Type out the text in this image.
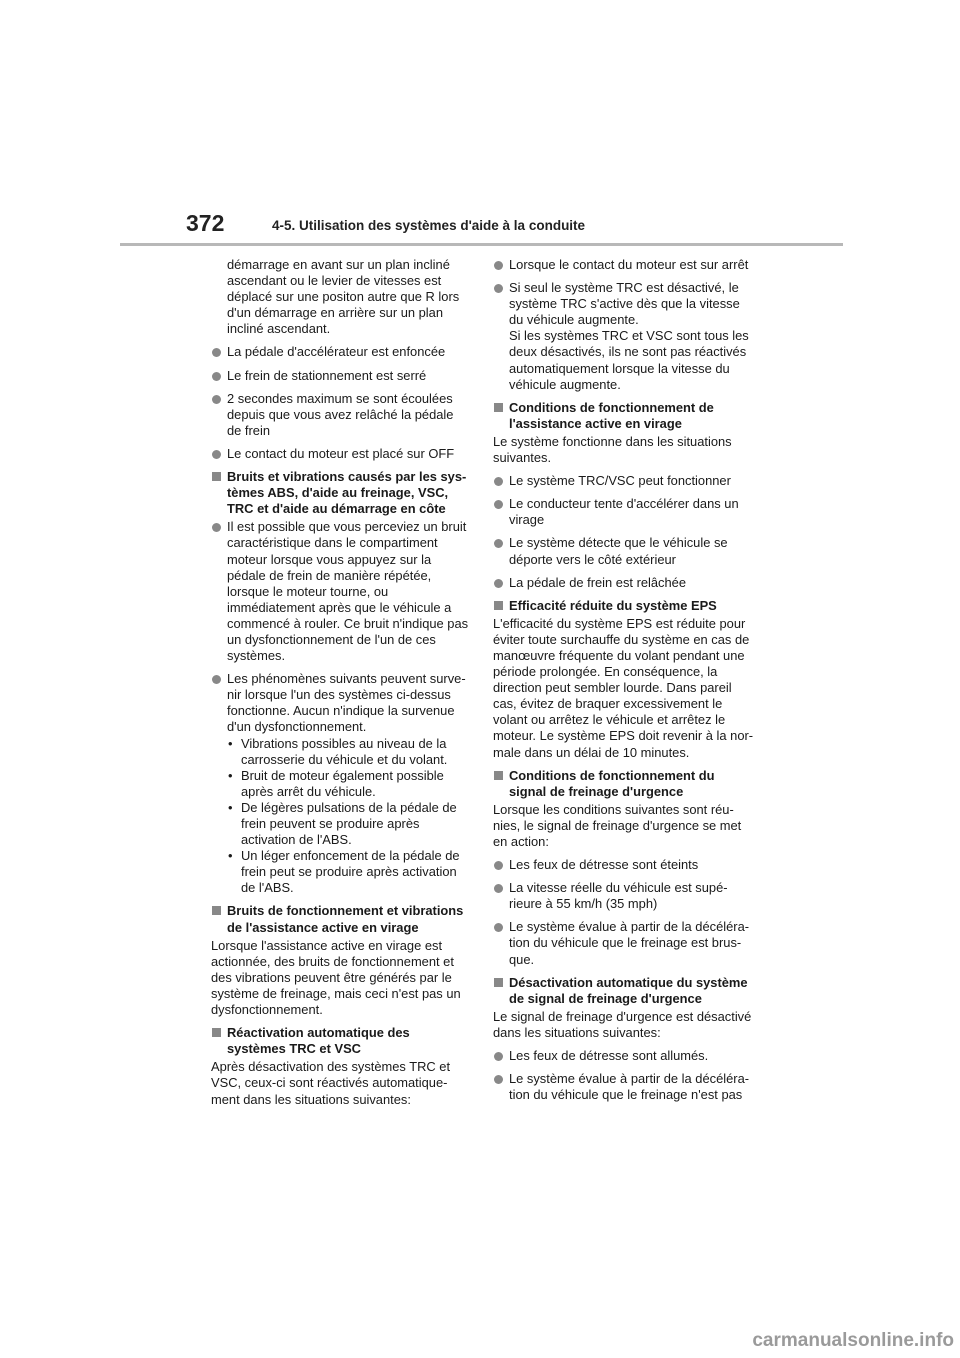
372	4-5. Utilisation des systèmes d'aide à la conduite
démarrage en avant sur un plan incliné ascendant ou le levier de vitesses est déplacé sur une positon autre que R lors d'un démarrage en arrière sur un plan incliné ascendant.
La pédale d'accélérateur est enfoncée
Le frein de stationnement est serré
2 secondes maximum se sont écoulées depuis que vous avez relâché la pédale de frein
Le contact du moteur est placé sur OFF
Bruits et vibrations causés par les systèmes ABS, d'aide au freinage, VSC, TRC et d'aide au démarrage en côte
Il est possible que vous perceviez un bruit caractéristique dans le compartiment moteur lorsque vous appuyez sur la pédale de frein de manière répétée, lorsque le moteur tourne, ou immédiatement après que le véhicule a commencé à rouler. Ce bruit n'indique pas un dysfonctionnement de l'un de ces systèmes.
Les phénomènes suivants peuvent survenir lorsque l'un des systèmes ci-dessus fonctionne. Aucun n'indique la survenue d'un dysfonctionnement.
• Vibrations possibles au niveau de la carrosserie du véhicule et du volant.
• Bruit de moteur également possible après arrêt du véhicule.
• De légères pulsations de la pédale de frein peuvent se produire après activation de l'ABS.
• Un léger enfoncement de la pédale de frein peut se produire après activation de l'ABS.
Bruits de fonctionnement et vibrations de l'assistance active en virage
Lorsque l'assistance active en virage est actionnée, des bruits de fonctionnement et des vibrations peuvent être générés par le système de freinage, mais ceci n'est pas un dysfonctionnement.
Réactivation automatique des systèmes TRC et VSC
Après désactivation des systèmes TRC et VSC, ceux-ci sont réactivés automatiquement dans les situations suivantes:
Lorsque le contact du moteur est sur arrêt
Si seul le système TRC est désactivé, le système TRC s'active dès que la vitesse du véhicule augmente.
Si les systèmes TRC et VSC sont tous les deux désactivés, ils ne sont pas réactivés automatiquement lorsque la vitesse du véhicule augmente.
Conditions de fonctionnement de l'assistance active en virage
Le système fonctionne dans les situations suivantes.
Le système TRC/VSC peut fonctionner
Le conducteur tente d'accélérer dans un virage
Le système détecte que le véhicule se déporte vers le côté extérieur
La pédale de frein est relâchée
Efficacité réduite du système EPS
L'efficacité du système EPS est réduite pour éviter toute surchauffe du système en cas de manœuvre fréquente du volant pendant une période prolongée. En conséquence, la direction peut sembler lourde. Dans pareil cas, évitez de braquer excessivement le volant ou arrêtez le véhicule et arrêtez le moteur. Le système EPS doit revenir à la normale dans un délai de 10 minutes.
Conditions de fonctionnement du signal de freinage d'urgence
Lorsque les conditions suivantes sont réunies, le signal de freinage d'urgence se met en action:
Les feux de détresse sont éteints
La vitesse réelle du véhicule est supérieure à 55 km/h (35 mph)
Le système évalue à partir de la décélération du véhicule que le freinage est brusque.
Désactivation automatique du système de signal de freinage d'urgence
Le signal de freinage d'urgence est désactivé dans les situations suivantes:
Les feux de détresse sont allumés.
Le système évalue à partir de la décélération du véhicule que le freinage n'est pas
carmanualsonline.info
